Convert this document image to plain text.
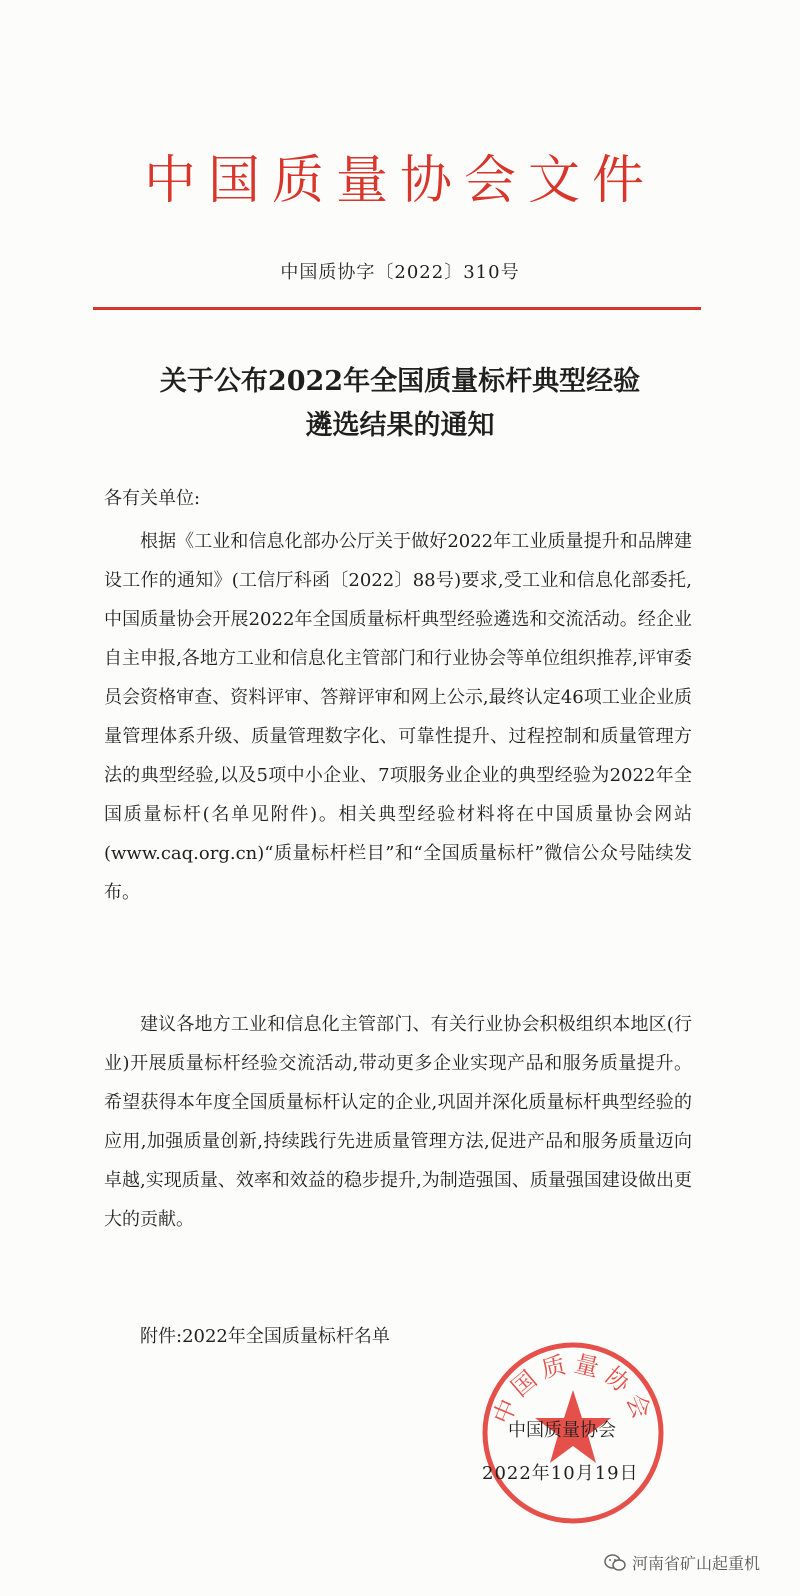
中国质量协会文件
中国质协字〔2022〕310号
关于公布2022年全国质量标杆典型经验
遴选结果的通知
各有关单位:
根据《工业和信息化部办公厅关于做好2022年工业质量提升和品牌建设工作的通知》(工信厅科函〔2022〕88号)要求,受工业和信息化部委托,中国质量协会开展2022年全国质量标杆典型经验遴选和交流活动。经企业自主申报,各地方工业和信息化主管部门和行业协会等单位组织推荐,评审委员会资格审查、资料评审、答辩评审和网上公示,最终认定46项工业企业质量管理体系升级、质量管理数字化、可靠性提升、过程控制和质量管理方法的典型经验,以及5项中小企业、7项服务业企业的典型经验为2022年全国质量标杆(名单见附件)。相关典型经验材料将在中国质量协会网站(www.caq.org.cn)“质量标杆栏目”和“全国质量标杆”微信公众号陆续发布。
建议各地方工业和信息化主管部门、有关行业协会积极组织本地区(行业)开展质量标杆经验交流活动,带动更多企业实现产品和服务质量提升。希望获得本年度全国质量标杆认定的企业,巩固并深化质量标杆典型经验的应用,加强质量创新,持续践行先进质量管理方法,促进产品和服务质量迈向卓越,实现质量、效率和效益的稳步提升,为制造强国、质量强国建设做出更大的贡献。
附件:2022年全国质量标杆名单
中国质量协会
中国质量协会
2022年10月19日
河南省矿山起重机
